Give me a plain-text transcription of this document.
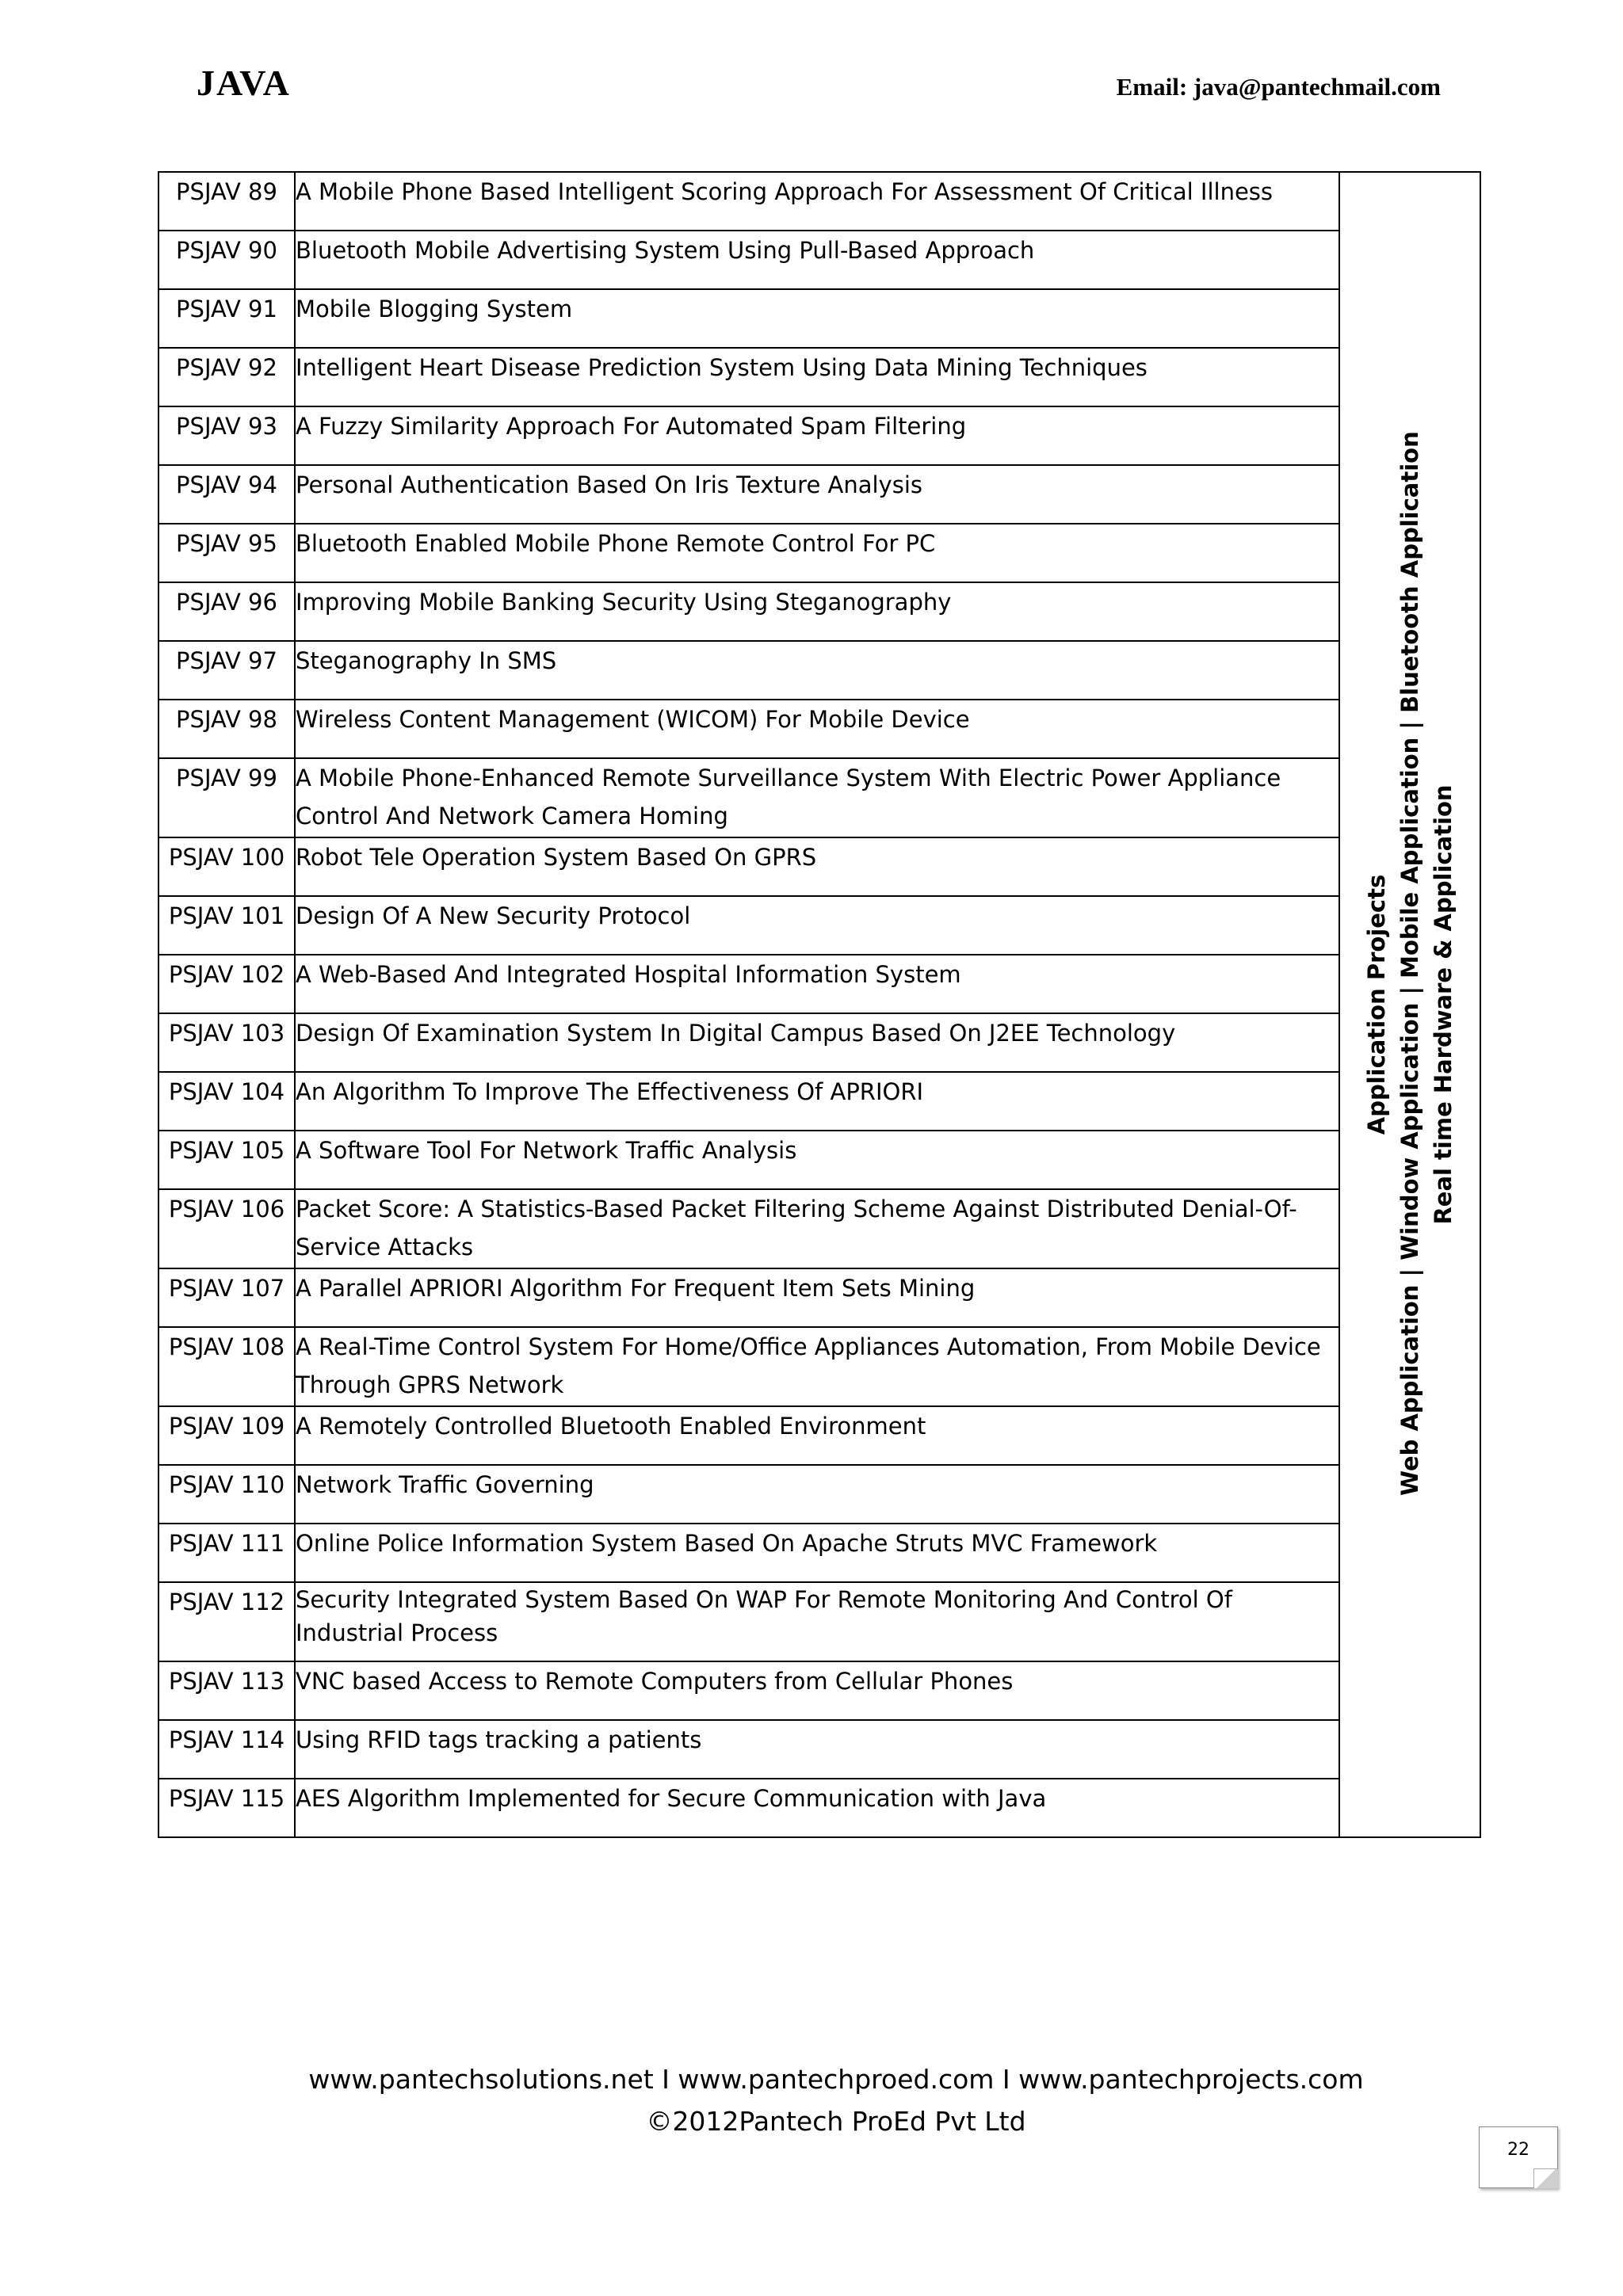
JAVA	Email: java@pantechmail.com
PSJAV 89	A Mobile Phone Based Intelligent Scoring Approach For Assessment Of Critical Illness	Application Projects Web Application | Window Application | Mobile Application | Bluetooth Application Real time Hardware & Application

PSJAV 90	Bluetooth Mobile Advertising System Using Pull-Based Approach	
PSJAV 91	Mobile Blogging System	
PSJAV 92	Intelligent Heart Disease Prediction System Using Data Mining Techniques	
PSJAV 93	A Fuzzy Similarity Approach For Automated Spam Filtering	
PSJAV 94	Personal Authentication Based On Iris Texture Analysis	
PSJAV 95	Bluetooth Enabled Mobile Phone Remote Control For PC	
PSJAV 96	Improving Mobile Banking Security Using Steganography	
PSJAV 97	Steganography In SMS	
PSJAV 98	Wireless Content Management (WICOM) For Mobile Device	
PSJAV 99	A Mobile Phone-Enhanced Remote Surveillance System With Electric Power Appliance Control And Network Camera Homing	
PSJAV 100	Robot Tele Operation System Based On GPRS	
PSJAV 101	Design Of A New Security Protocol	
PSJAV 102	A Web-Based And Integrated Hospital Information System	
PSJAV 103	Design Of Examination System In Digital Campus Based On J2EE Technology	
PSJAV 104	An Algorithm To Improve The Effectiveness Of APRIORI	
PSJAV 105	A Software Tool For Network Traffic Analysis	
PSJAV 106	Packet Score: A Statistics-Based Packet Filtering Scheme Against Distributed Denial-Of-Service Attacks	
PSJAV 107	A Parallel APRIORI Algorithm For Frequent Item Sets Mining	
PSJAV 108	A Real-Time Control System For Home/Office Appliances Automation, From Mobile Device Through GPRS Network	
PSJAV 109	A Remotely Controlled Bluetooth Enabled Environment	
PSJAV 110	Network Traffic Governing	
PSJAV 111	Online Police Information System Based On Apache Struts MVC Framework	
PSJAV 112	Security Integrated System Based On WAP For Remote Monitoring And Control Of Industrial Process	
PSJAV 113	VNC based Access to Remote Computers from Cellular Phones	
PSJAV 114	Using RFID tags tracking a patients	
PSJAV 115	AES Algorithm Implemented for Secure Communication with Java	
www.pantechsolutions.net I www.pantechproed.com I www.pantechprojects.com
©2012Pantech ProEd Pvt Ltd
22
